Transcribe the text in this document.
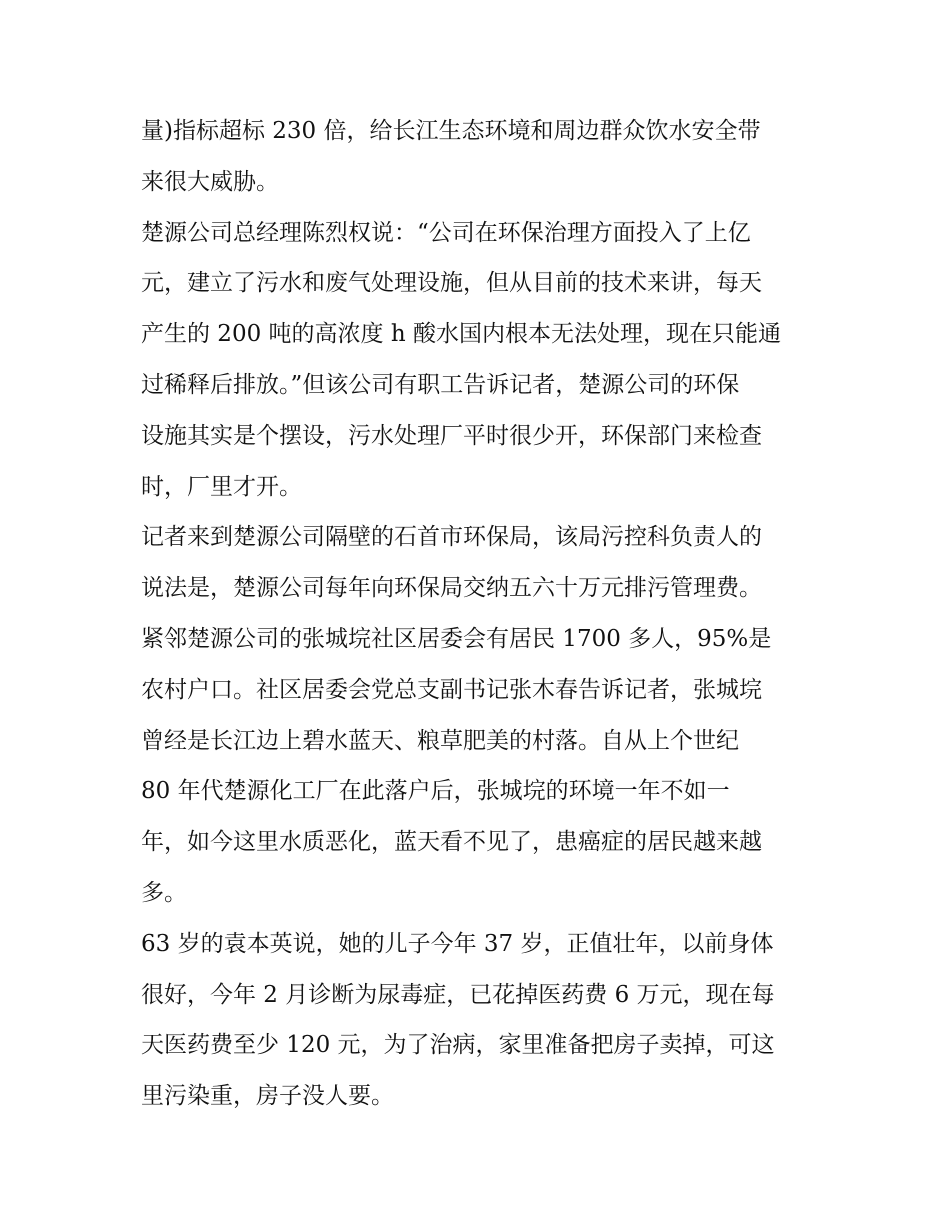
量)指标超标 230 倍，给长江生态环境和周边群众饮水安全带
来很大威胁。
楚源公司总经理陈烈权说：“公司在环保治理方面投入了上亿
元，建立了污水和废气处理设施，但从目前的技术来讲，每天
产生的 200 吨的高浓度 h 酸水国内根本无法处理，现在只能通
过稀释后排放。”但该公司有职工告诉记者，楚源公司的环保
设施其实是个摆设，污水处理厂平时很少开，环保部门来检查
时，厂里才开。
记者来到楚源公司隔壁的石首市环保局，该局污控科负责人的
说法是，楚源公司每年向环保局交纳五六十万元排污管理费。
紧邻楚源公司的张城垸社区居委会有居民 1700 多人，95%是
农村户口。社区居委会党总支副书记张木春告诉记者，张城垸
曾经是长江边上碧水蓝天、粮草肥美的村落。自从上个世纪
80 年代楚源化工厂在此落户后，张城垸的环境一年不如一
年，如今这里水质恶化，蓝天看不见了，患癌症的居民越来越
多。
63 岁的袁本英说，她的儿子今年 37 岁，正值壮年，以前身体
很好，今年 2 月诊断为尿毒症，已花掉医药费 6 万元，现在每
天医药费至少 120 元，为了治病，家里准备把房子卖掉，可这
里污染重，房子没人要。
